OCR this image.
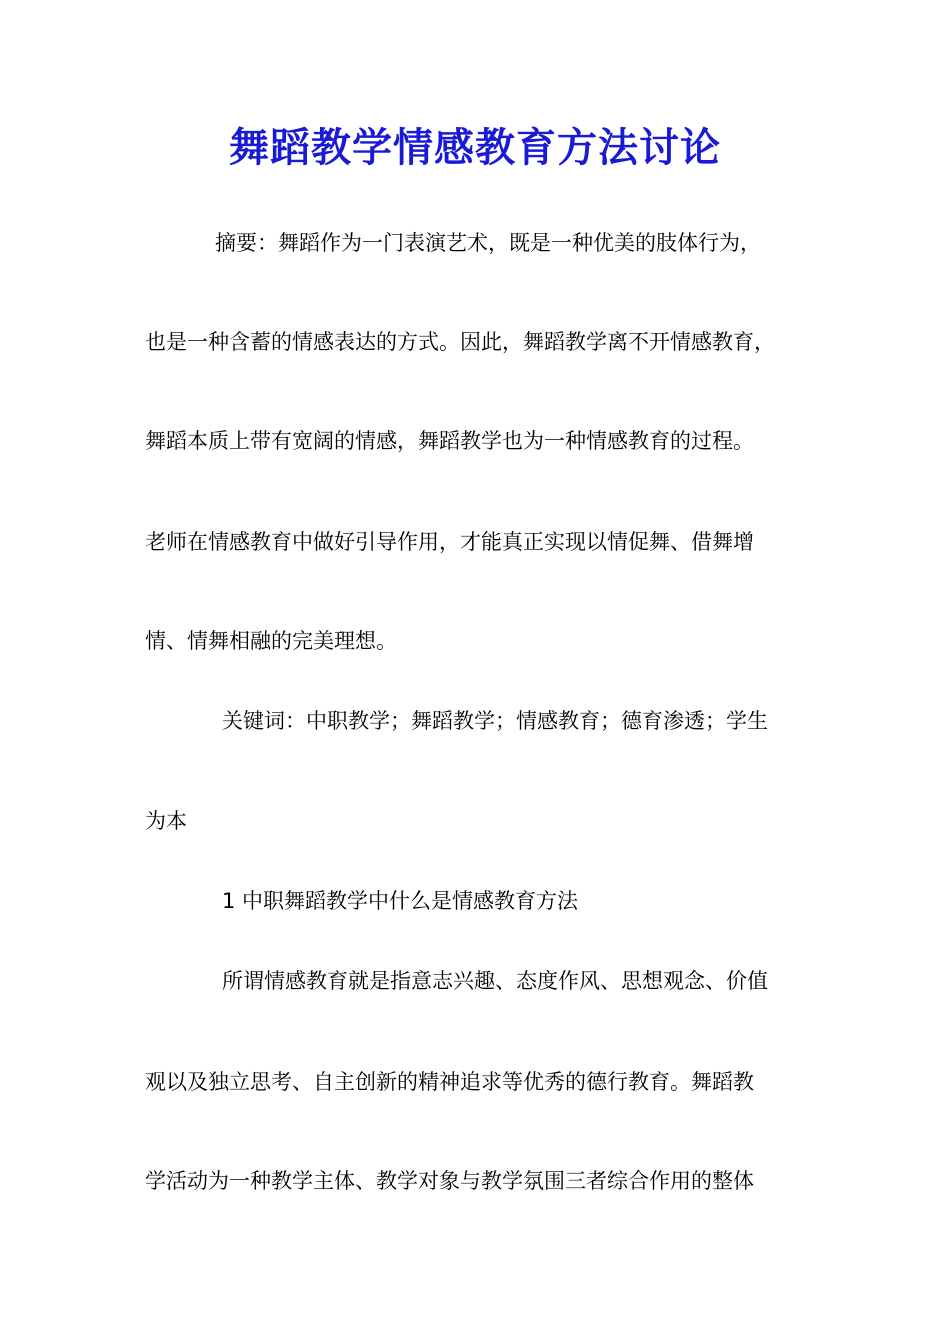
舞蹈教学情感教育方法讨论
摘要：舞蹈作为一门表演艺术，既是一种优美的肢体行为，
也是一种含蓄的情感表达的方式。因此，舞蹈教学离不开情感教育，
舞蹈本质上带有宽阔的情感，舞蹈教学也为一种情感教育的过程。
老师在情感教育中做好引导作用，才能真正实现以情促舞、借舞增
情、情舞相融的完美理想。
关键词：中职教学；舞蹈教学；情感教育；德育渗透；学生
为本
1 中职舞蹈教学中什么是情感教育方法
所谓情感教育就是指意志兴趣、态度作风、思想观念、价值
观以及独立思考、自主创新的精神追求等优秀的德行教育。舞蹈教
学活动为一种教学主体、教学对象与教学氛围三者综合作用的整体
